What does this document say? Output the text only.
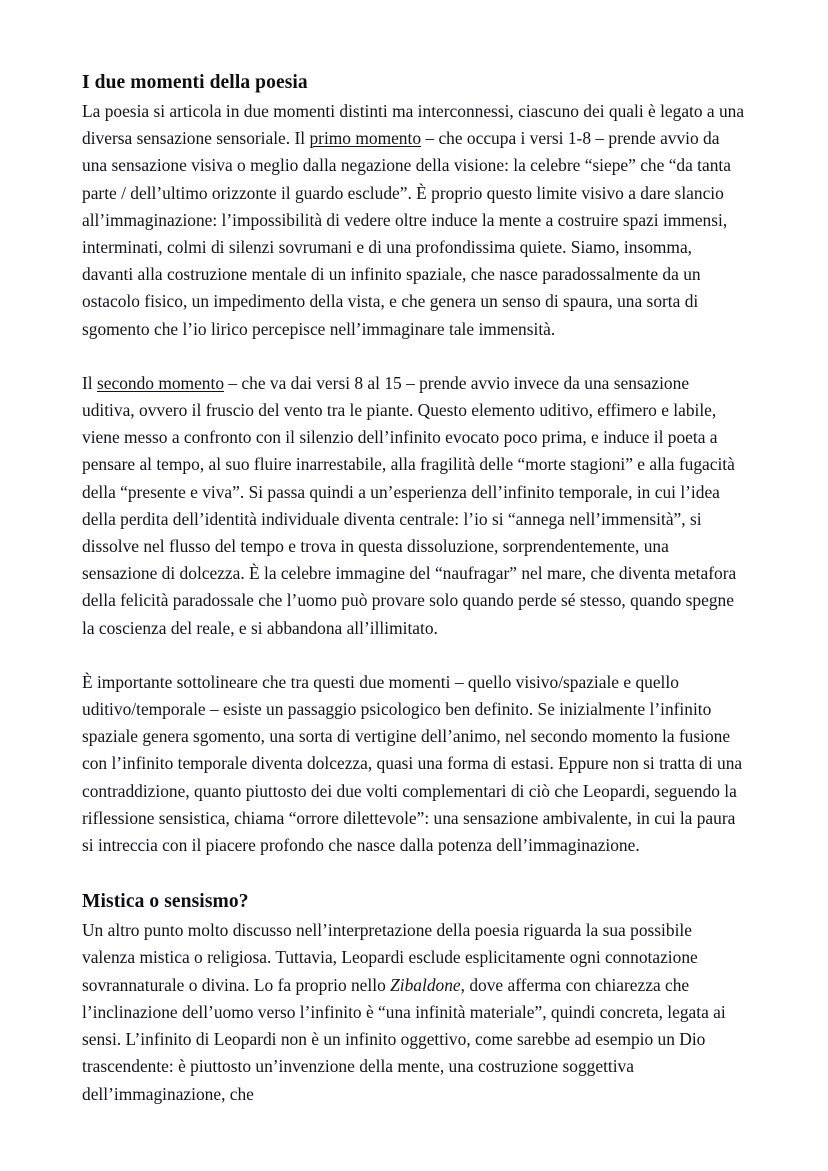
I due momenti della poesia

La poesia si articola in due momenti distinti ma interconnessi, ciascuno dei quali è legato a una diversa sensazione sensoriale. Il primo momento – che occupa i versi 1-8 – prende avvio da una sensazione visiva o meglio dalla negazione della visione: la celebre “siepe” che “da tanta parte / dell’ultimo orizzonte il guardo esclude”. È proprio questo limite visivo a dare slancio all’immaginazione: l’impossibilità di vedere oltre induce la mente a costruire spazi immensi, interminati, colmi di silenzi sovrumani e di una profondissima quiete. Siamo, insomma, davanti alla costruzione mentale di un infinito spaziale, che nasce paradossalmente da un ostacolo fisico, un impedimento della vista, e che genera un senso di spaura, una sorta di sgomento che l’io lirico percepisce nell’immaginare tale immensità.

Il secondo momento – che va dai versi 8 al 15 – prende avvio invece da una sensazione uditiva, ovvero il fruscio del vento tra le piante. Questo elemento uditivo, effimero e labile, viene messo a confronto con il silenzio dell’infinito evocato poco prima, e induce il poeta a pensare al tempo, al suo fluire inarrestabile, alla fragilità delle “morte stagioni” e alla fugacità della “presente e viva”. Si passa quindi a un’esperienza dell’infinito temporale, in cui l’idea della perdita dell’identità individuale diventa centrale: l’io si “annega nell’immensità”, si dissolve nel flusso del tempo e trova in questa dissoluzione, sorprendentemente, una sensazione di dolcezza. È la celebre immagine del “naufragar” nel mare, che diventa metafora della felicità paradossale che l’uomo può provare solo quando perde sé stesso, quando spegne la coscienza del reale, e si abbandona all’illimitato.

È importante sottolineare che tra questi due momenti – quello visivo/spaziale e quello uditivo/temporale – esiste un passaggio psicologico ben definito. Se inizialmente l’infinito spaziale genera sgomento, una sorta di vertigine dell’animo, nel secondo momento la fusione con l’infinito temporale diventa dolcezza, quasi una forma di estasi. Eppure non si tratta di una contraddizione, quanto piuttosto dei due volti complementari di ciò che Leopardi, seguendo la riflessione sensistica, chiama “orrore dilettevole”: una sensazione ambivalente, in cui la paura si intreccia con il piacere profondo che nasce dalla potenza dell’immaginazione.

Mistica o sensismo?

Un altro punto molto discusso nell’interpretazione della poesia riguarda la sua possibile valenza mistica o religiosa. Tuttavia, Leopardi esclude esplicitamente ogni connotazione sovrannaturale o divina. Lo fa proprio nello Zibaldone, dove afferma con chiarezza che l’inclinazione dell’uomo verso l’infinito è “una infinità materiale”, quindi concreta, legata ai sensi. L’infinito di Leopardi non è un infinito oggettivo, come sarebbe ad esempio un Dio trascendente: è piuttosto un’invenzione della mente, una costruzione soggettiva dell’immaginazione, che
